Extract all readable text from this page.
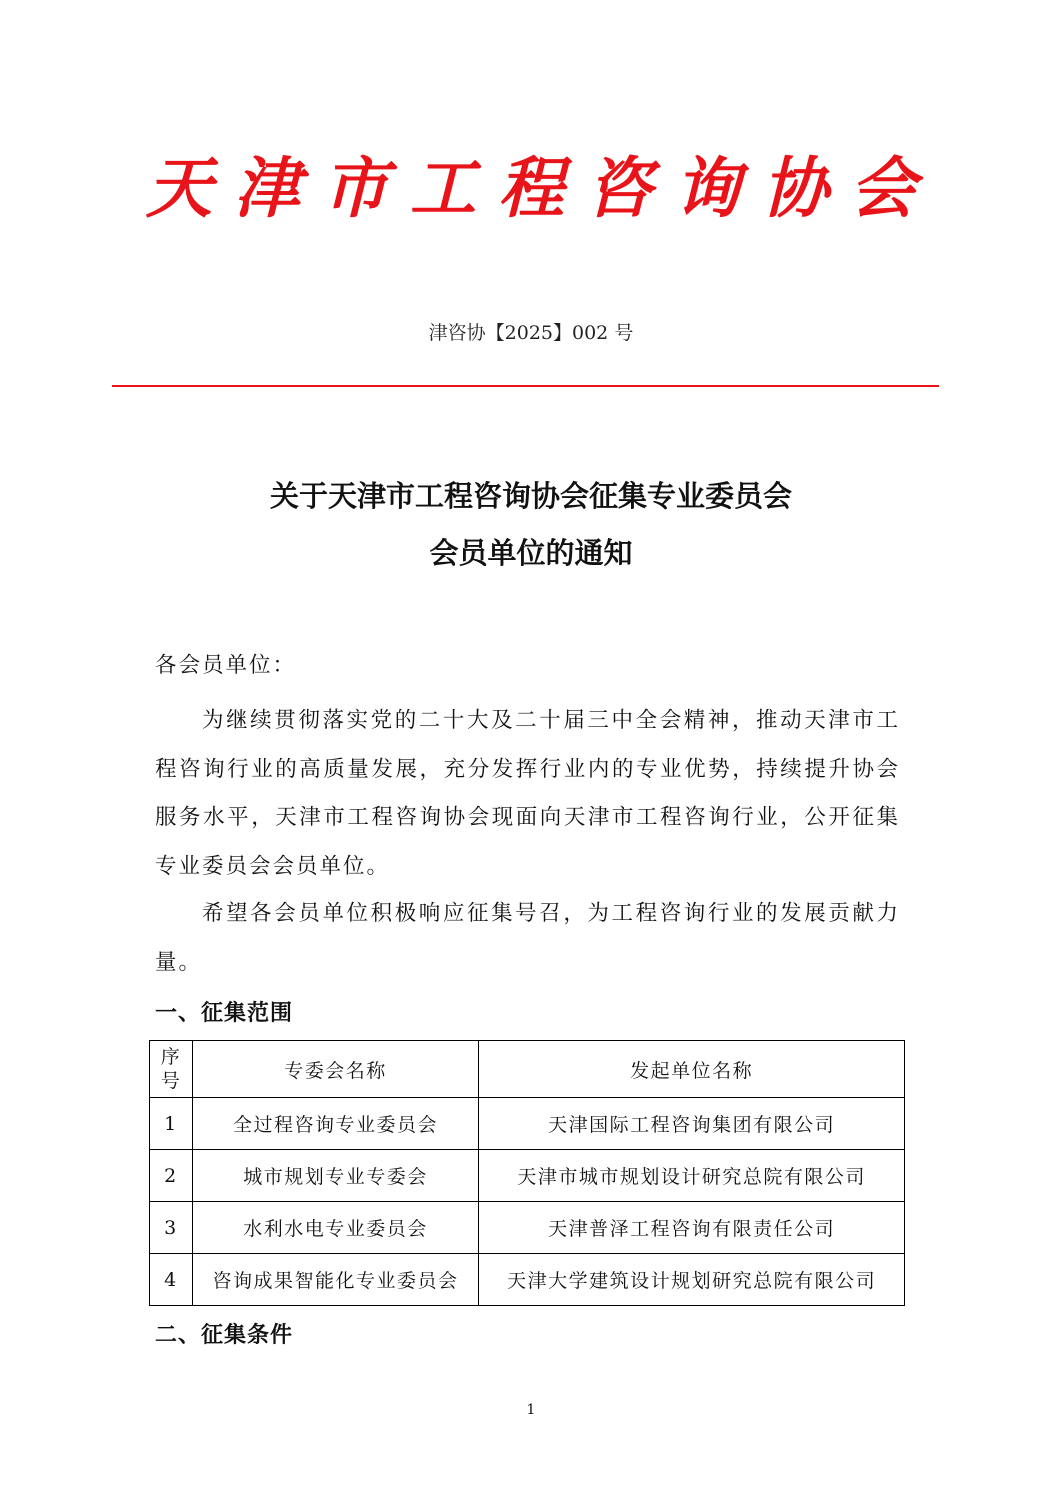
天津市工程咨询协会
津咨协【2025】002 号
关于天津市工程咨询协会征集专业委员会
会员单位的通知
各会员单位：
为继续贯彻落实党的二十大及二十届三中全会精神，推动天津市工程咨询行业的高质量发展，充分发挥行业内的专业优势，持续提升协会服务水平，天津市工程咨询协会现面向天津市工程咨询行业，公开征集专业委员会会员单位。
希望各会员单位积极响应征集号召，为工程咨询行业的发展贡献力量。
一、征集范围
序号	专委会名称	发起单位名称
1	全过程咨询专业委员会	天津国际工程咨询集团有限公司
2	城市规划专业专委会	天津市城市规划设计研究总院有限公司
3	水利水电专业委员会	天津普泽工程咨询有限责任公司
4	咨询成果智能化专业委员会	天津大学建筑设计规划研究总院有限公司
二、征集条件
1
